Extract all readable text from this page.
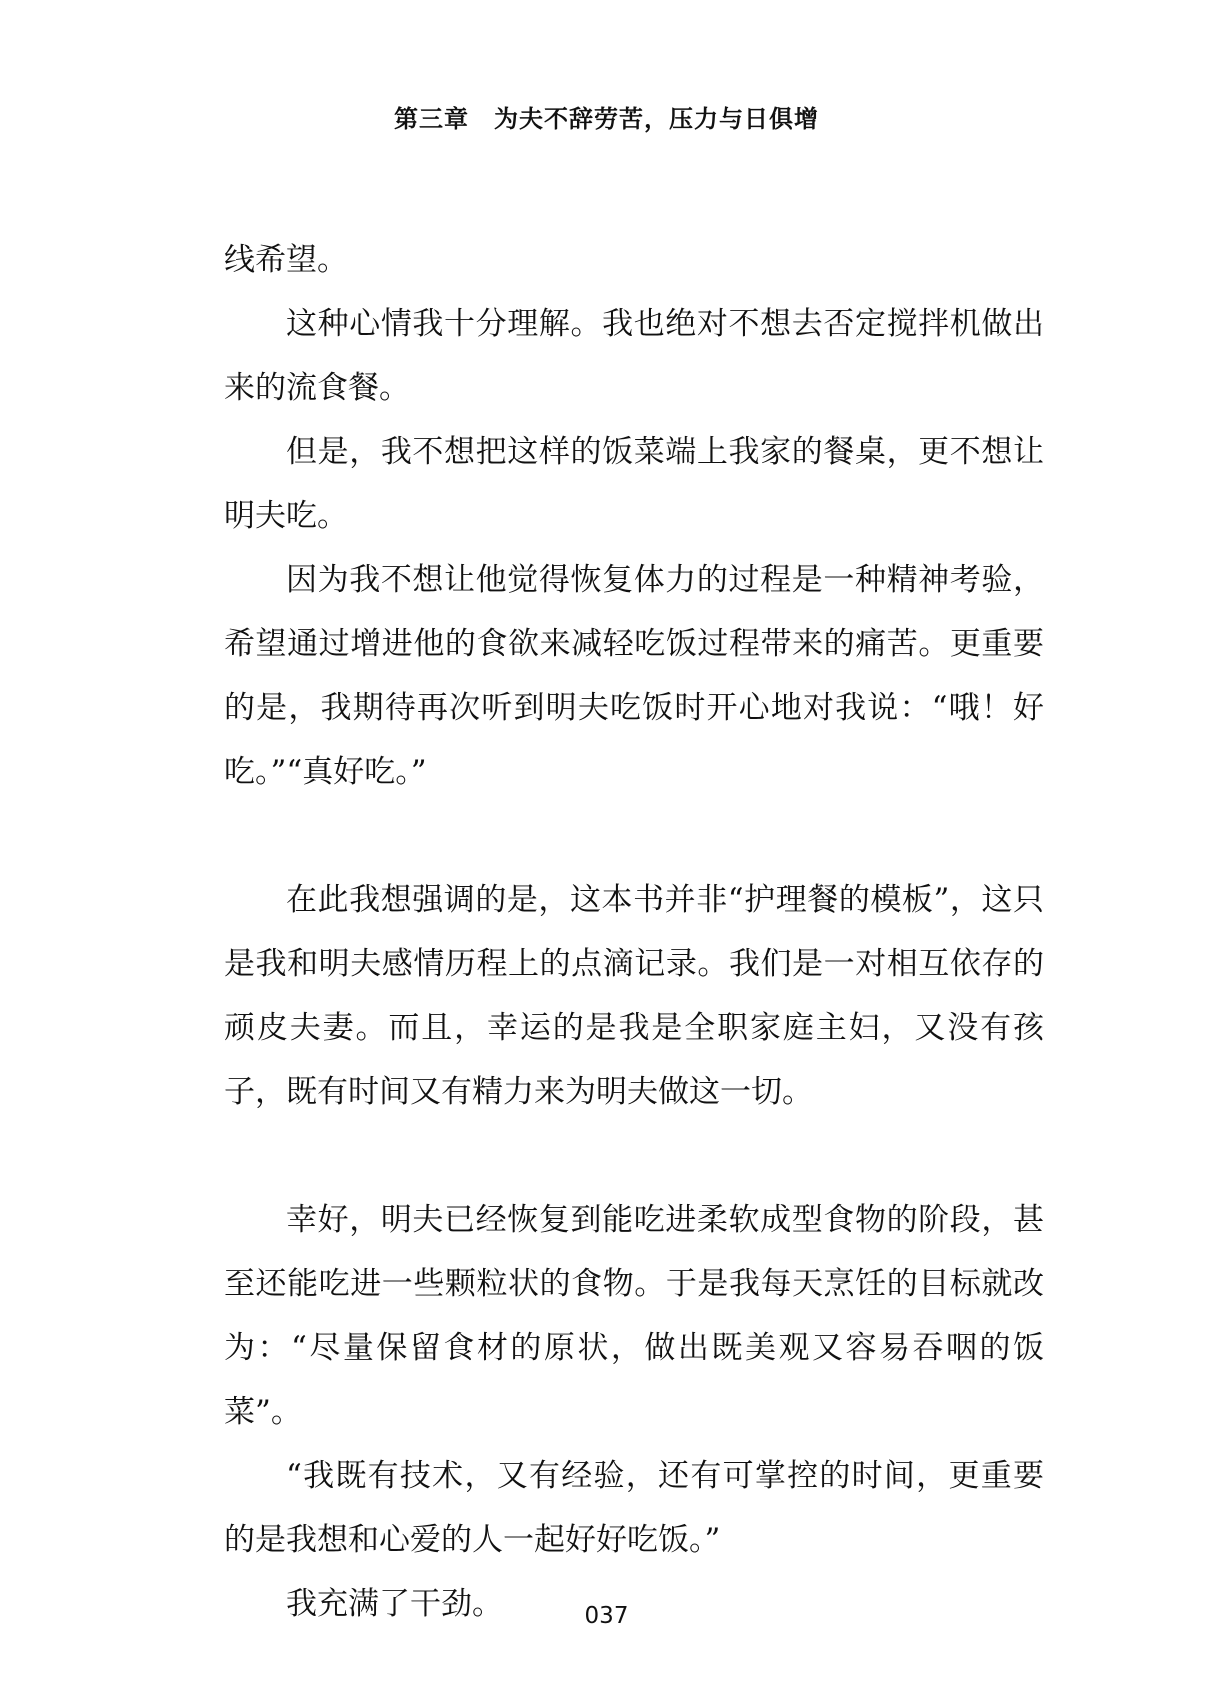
第三章　为夫不辞劳苦，压力与日俱增

线希望。

这种心情我十分理解。我也绝对不想去否定搅拌机做出来的流食餐。

但是，我不想把这样的饭菜端上我家的餐桌，更不想让明夫吃。

因为我不想让他觉得恢复体力的过程是一种精神考验，希望通过增进他的食欲来减轻吃饭过程带来的痛苦。更重要的是，我期待再次听到明夫吃饭时开心地对我说：“哦！好吃。”“真好吃。”

在此我想强调的是，这本书并非“护理餐的模板”，这只是我和明夫感情历程上的点滴记录。我们是一对相互依存的顽皮夫妻。而且，幸运的是我是全职家庭主妇，又没有孩子，既有时间又有精力来为明夫做这一切。

幸好，明夫已经恢复到能吃进柔软成型食物的阶段，甚至还能吃进一些颗粒状的食物。于是我每天烹饪的目标就改为：“尽量保留食材的原状，做出既美观又容易吞咽的饭菜”。

“我既有技术，又有经验，还有可掌控的时间，更重要的是我想和心爱的人一起好好吃饭。”

我充满了干劲。	037
